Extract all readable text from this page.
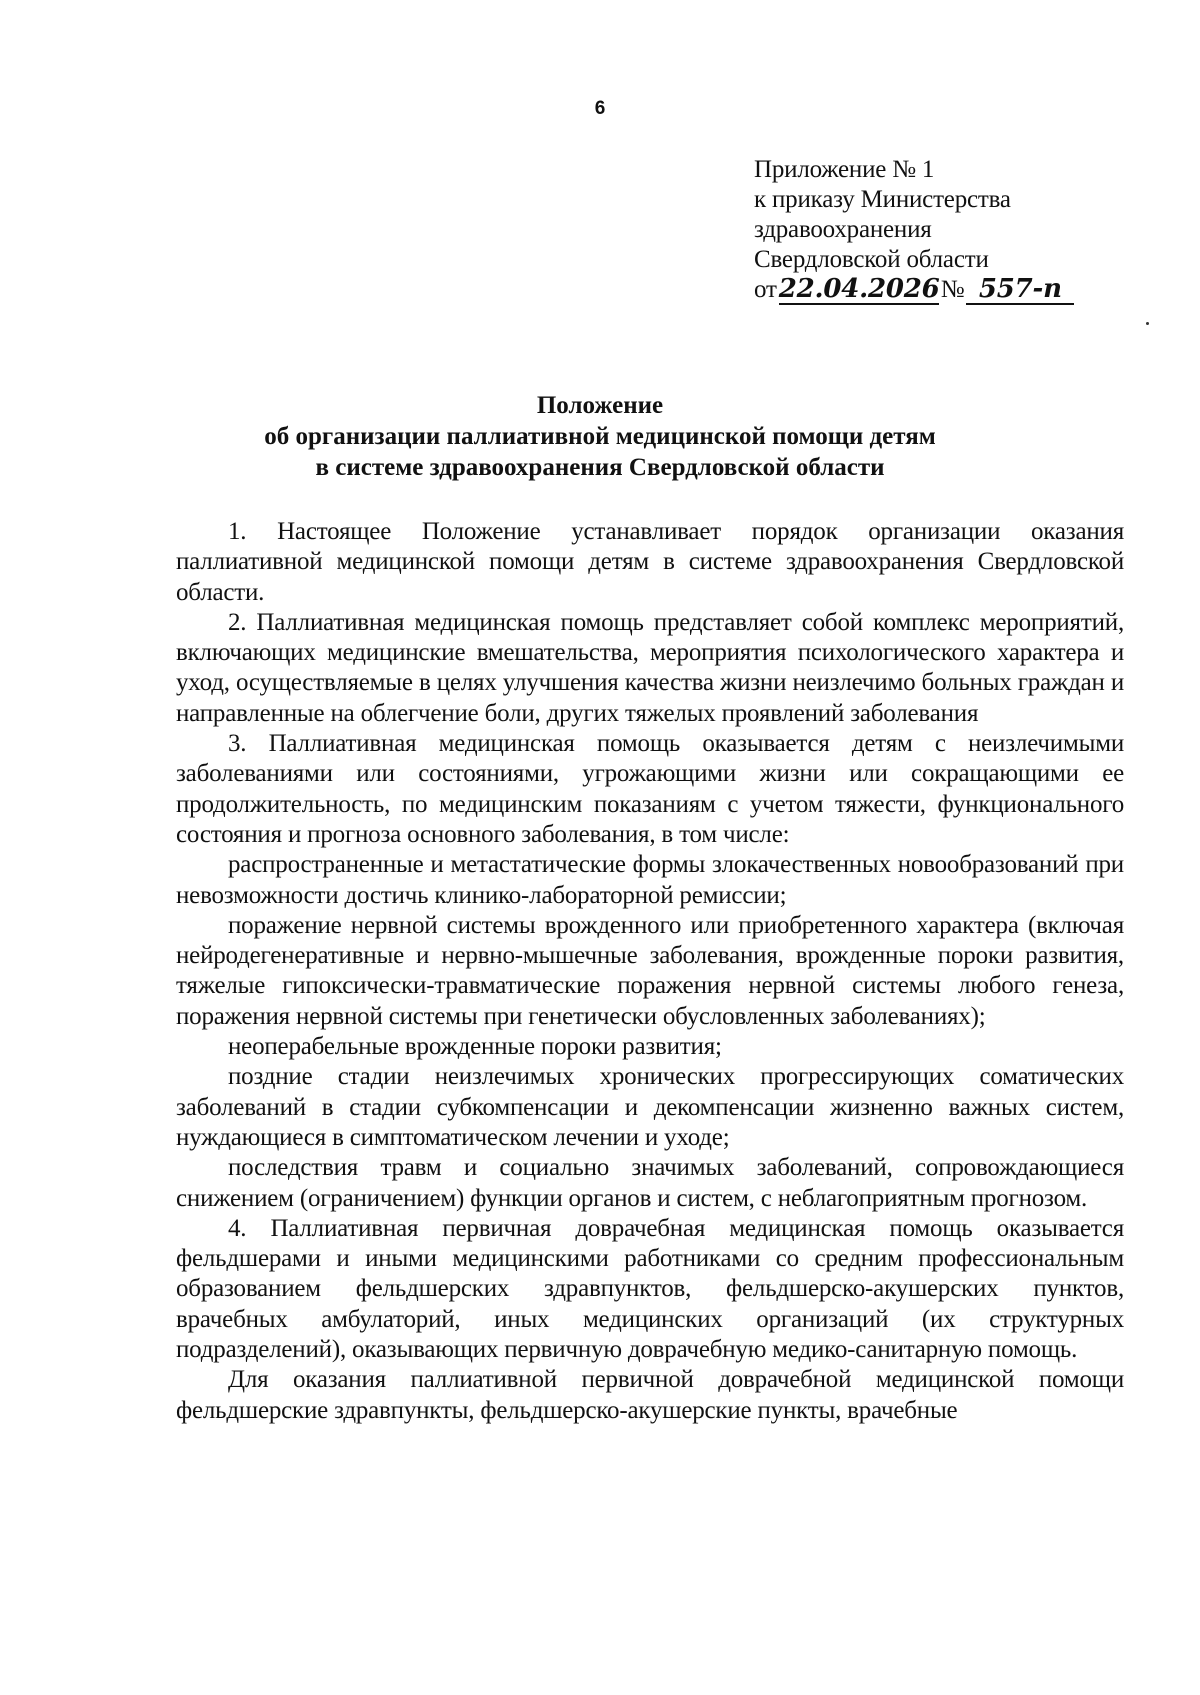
6
Приложение № 1
к приказу Министерства
здравоохранения
Свердловской области
от 22.04.2026 № 557-п
Положение
об организации паллиативной медицинской помощи детям
в системе здравоохранения Свердловской области

1. Настоящее Положение устанавливает порядок организации оказания паллиативной медицинской помощи детям в системе здравоохранения Свердловской области.

2. Паллиативная медицинская помощь представляет собой комплекс мероприятий, включающих медицинские вмешательства, мероприятия психологического характера и уход, осуществляемые в целях улучшения качества жизни неизлечимо больных граждан и направленные на облегчение боли, других тяжелых проявлений заболевания

3. Паллиативная медицинская помощь оказывается детям с неизлечимыми заболеваниями или состояниями, угрожающими жизни или сокращающими ее продолжительность, по медицинским показаниям с учетом тяжести, функционального состояния и прогноза основного заболевания, в том числе:

распространенные и метастатические формы злокачественных новообразований при невозможности достичь клинико-лабораторной ремиссии;

поражение нервной системы врожденного или приобретенного характера (включая нейродегенеративные и нервно-мышечные заболевания, врожденные пороки развития, тяжелые гипоксически-травматические поражения нервной системы любого генеза, поражения нервной системы при генетически обусловленных заболеваниях);

неоперабельные врожденные пороки развития;

поздние стадии неизлечимых хронических прогрессирующих соматических заболеваний в стадии субкомпенсации и декомпенсации жизненно важных систем, нуждающиеся в симптоматическом лечении и уходе;

последствия травм и социально значимых заболеваний, сопровождающиеся снижением (ограничением) функции органов и систем, с неблагоприятным прогнозом.

4. Паллиативная первичная доврачебная медицинская помощь оказывается фельдшерами и иными медицинскими работниками со средним профессиональным образованием фельдшерских здравпунктов, фельдшерско-акушерских пунктов, врачебных амбулаторий, иных медицинских организаций (их структурных подразделений), оказывающих первичную доврачебную медико-санитарную помощь.

Для оказания паллиативной первичной доврачебной медицинской помощи фельдшерские здравпункты, фельдшерско-акушерские пункты, врачебные
